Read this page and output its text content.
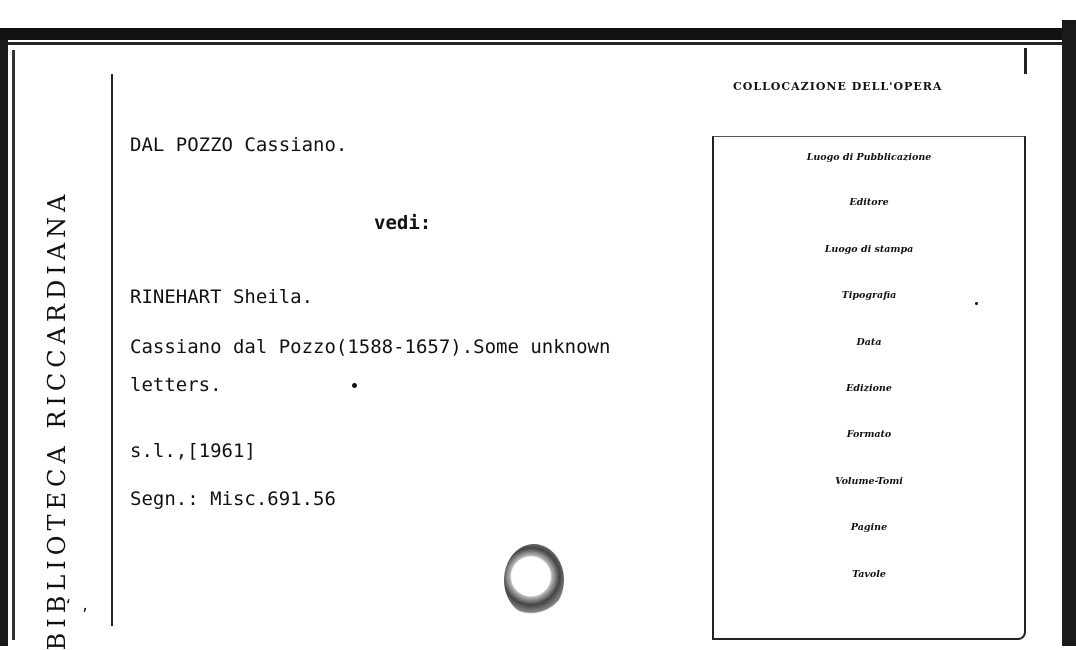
BIBLIOTECA RICCARDIANA
‘ ,
DAL POZZO Cassiano.
vedi:
RINEHART Sheila.
Cassiano dal Pozzo(1588-1657).Some unknown
letters.
s.l.,[1961]
Segn.: Misc.691.56
COLLOCAZIONE DELL'OPERA
Luogo di Pubblicazione
Editore
Luogo di stampa
Tipografia
Data
Edizione
Formato
Volume-Tomi
Pagine
Tavole
